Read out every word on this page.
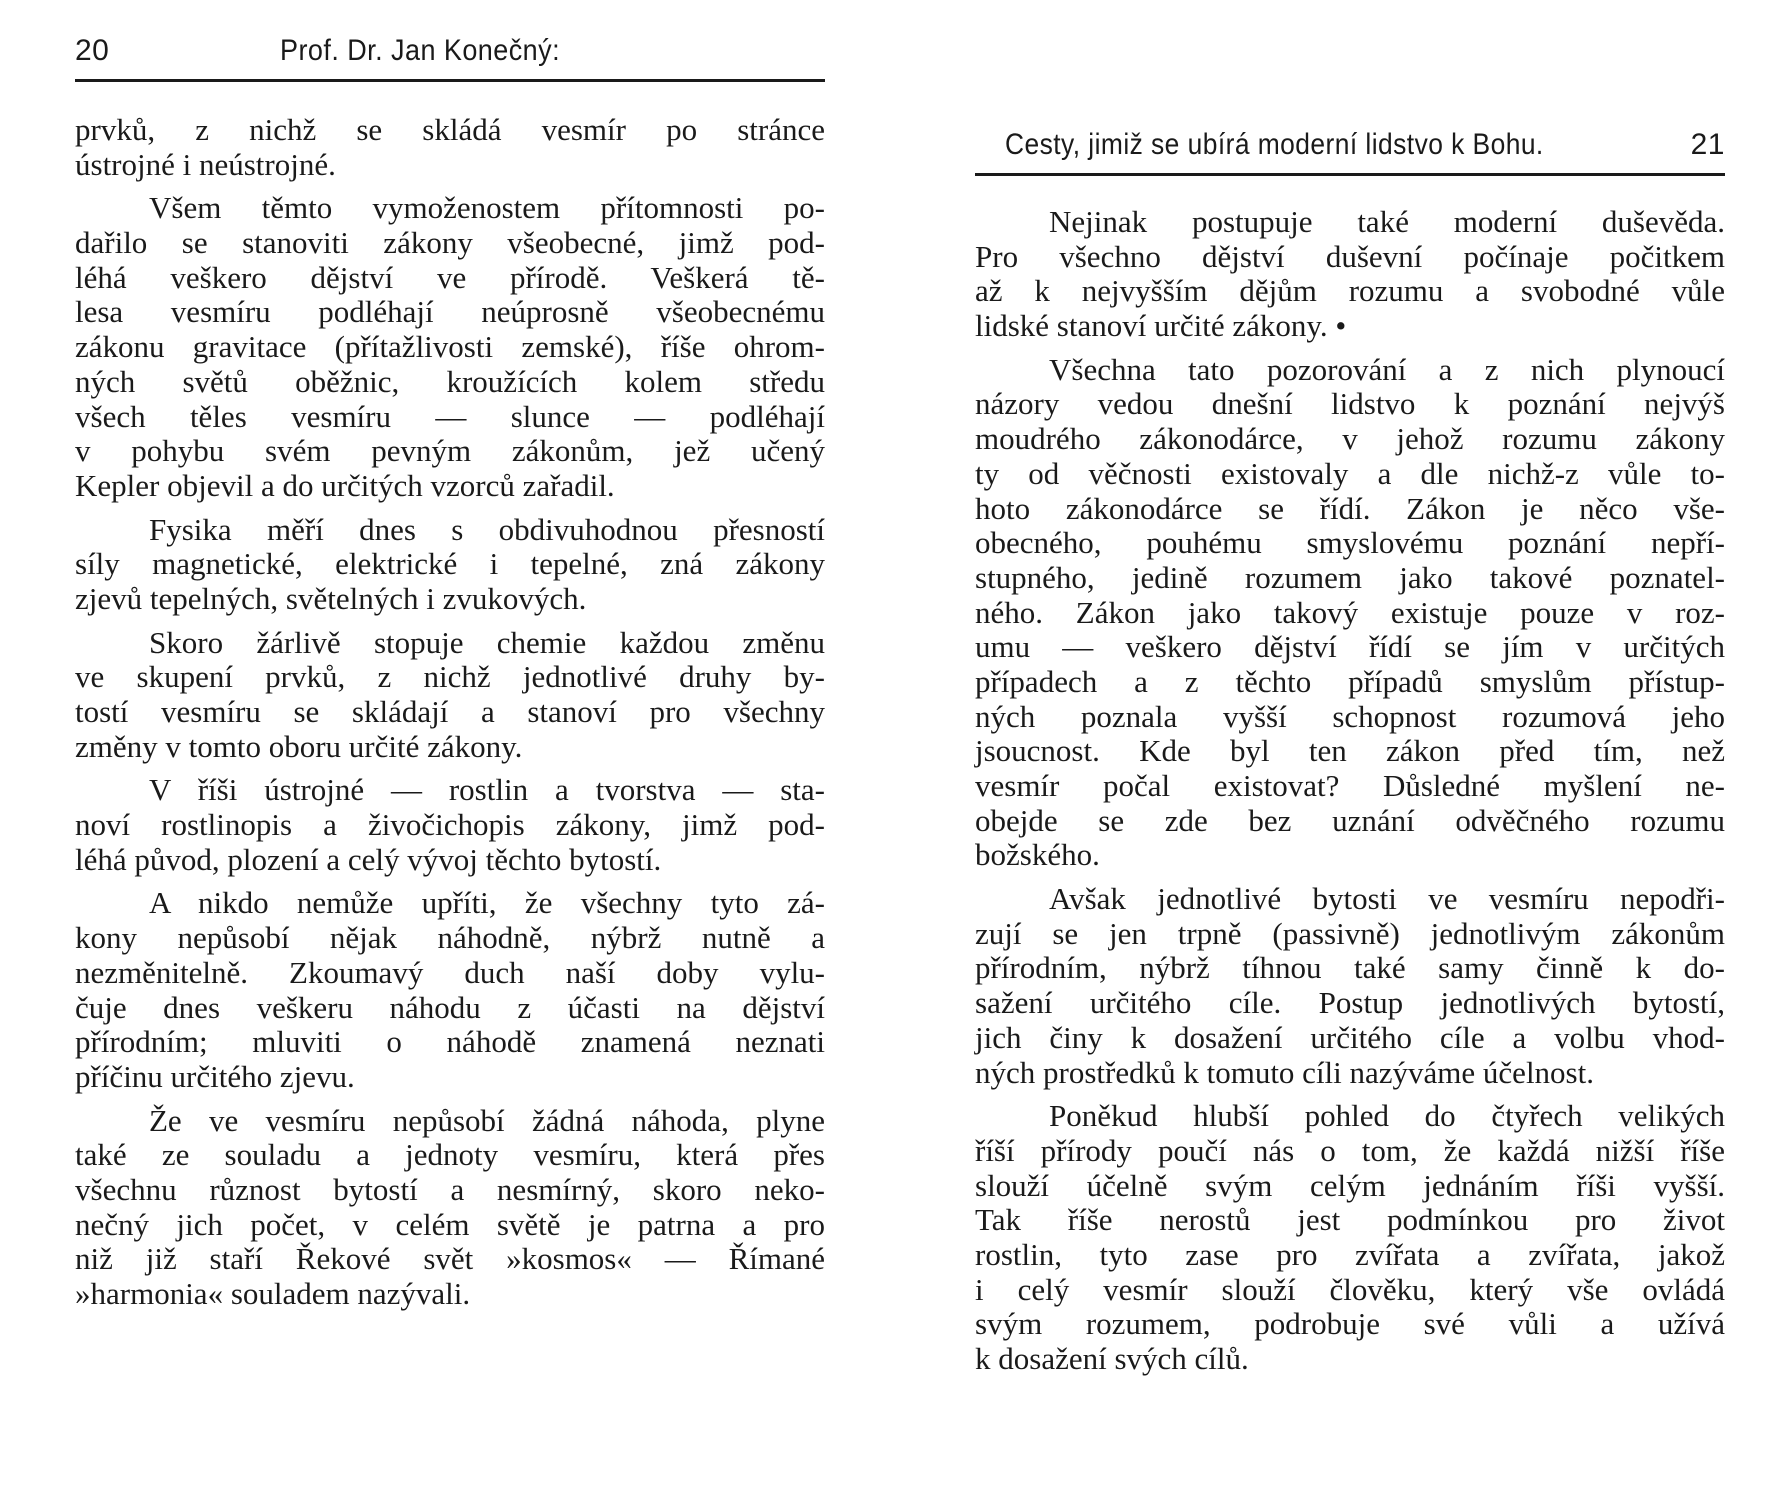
20	Prof. Dr. Jan Konečný:
prvků, z nichž se skládá vesmír po stránce
ústrojné i neústrojné.
Všem těmto vymoženostem přítomnosti po-
dařilo se stanoviti zákony všeobecné, jimž pod-
léhá veškero dějství ve přírodě. Veškerá tě-
lesa vesmíru podléhají neúprosně všeobecnému
zákonu gravitace (přítažlivosti zemské), říše ohrom-
ných světů oběžnic, kroužících kolem středu
všech těles vesmíru — slunce — podléhají
v pohybu svém pevným zákonům, jež učený
Kepler objevil a do určitých vzorců zařadil.
Fysika měří dnes s obdivuhodnou přesností
síly magnetické, elektrické i tepelné, zná zákony
zjevů tepelných, světelných i zvukových.
Skoro žárlivě stopuje chemie každou změnu
ve skupení prvků, z nichž jednotlivé druhy by-
tostí vesmíru se skládají a stanoví pro všechny
změny v tomto oboru určité zákony.
V říši ústrojné — rostlin a tvorstva — sta-
noví rostlinopis a živočichopis zákony, jimž pod-
léhá původ, plození a celý vývoj těchto bytostí.
A nikdo nemůže upříti, že všechny tyto zá-
kony nepůsobí nějak náhodně, nýbrž nutně a
nezměnitelně. Zkoumavý duch naší doby vylu-
čuje dnes veškeru náhodu z účasti na dějství
přírodním; mluviti o náhodě znamená neznati
příčinu určitého zjevu.
Že ve vesmíru nepůsobí žádná náhoda, plyne
také ze souladu a jednoty vesmíru, která přes
všechnu různost bytostí a nesmírný, skoro neko-
nečný jich počet, v celém světě je patrna a pro
niž již staří Řekové svět »kosmos« — Římané
»harmonia« souladem nazývali.
Cesty, jimiž se ubírá moderní lidstvo k Bohu.	21
Nejinak postupuje také moderní duševěda.
Pro všechno dějství duševní počínaje počitkem
až k nejvyšším dějům rozumu a svobodné vůle
lidské stanoví určité zákony. •
Všechna tato pozorování a z nich plynoucí
názory vedou dnešní lidstvo k poznání nejvýš
moudrého zákonodárce, v jehož rozumu zákony
ty od věčnosti existovaly a dle nichž-z vůle to-
hoto zákonodárce se řídí. Zákon je něco vše-
obecného, pouhému smyslovému poznání nepří-
stupného, jedině rozumem jako takové poznatel-
ného. Zákon jako takový existuje pouze v roz-
umu — veškero dějství řídí se jím v určitých
případech a z těchto případů smyslům přístup-
ných poznala vyšší schopnost rozumová jeho
jsoucnost. Kde byl ten zákon před tím, než
vesmír počal existovat? Důsledné myšlení ne-
obejde se zde bez uznání odvěčného rozumu
božského.
Avšak jednotlivé bytosti ve vesmíru nepodři-
zují se jen trpně (passivně) jednotlivým zákonům
přírodním, nýbrž tíhnou také samy činně k do-
sažení určitého cíle. Postup jednotlivých bytostí,
jich činy k dosažení určitého cíle a volbu vhod-
ných prostředků k tomuto cíli nazýváme účelnost.
Poněkud hlubší pohled do čtyřech velikých
říší přírody poučí nás o tom, že každá nižší říše
slouží účelně svým celým jednáním říši vyšší.
Tak říše nerostů jest podmínkou pro život
rostlin, tyto zase pro zvířata a zvířata, jakož
i celý vesmír slouží člověku, který vše ovládá
svým rozumem, podrobuje své vůli a užívá
k dosažení svých cílů.
